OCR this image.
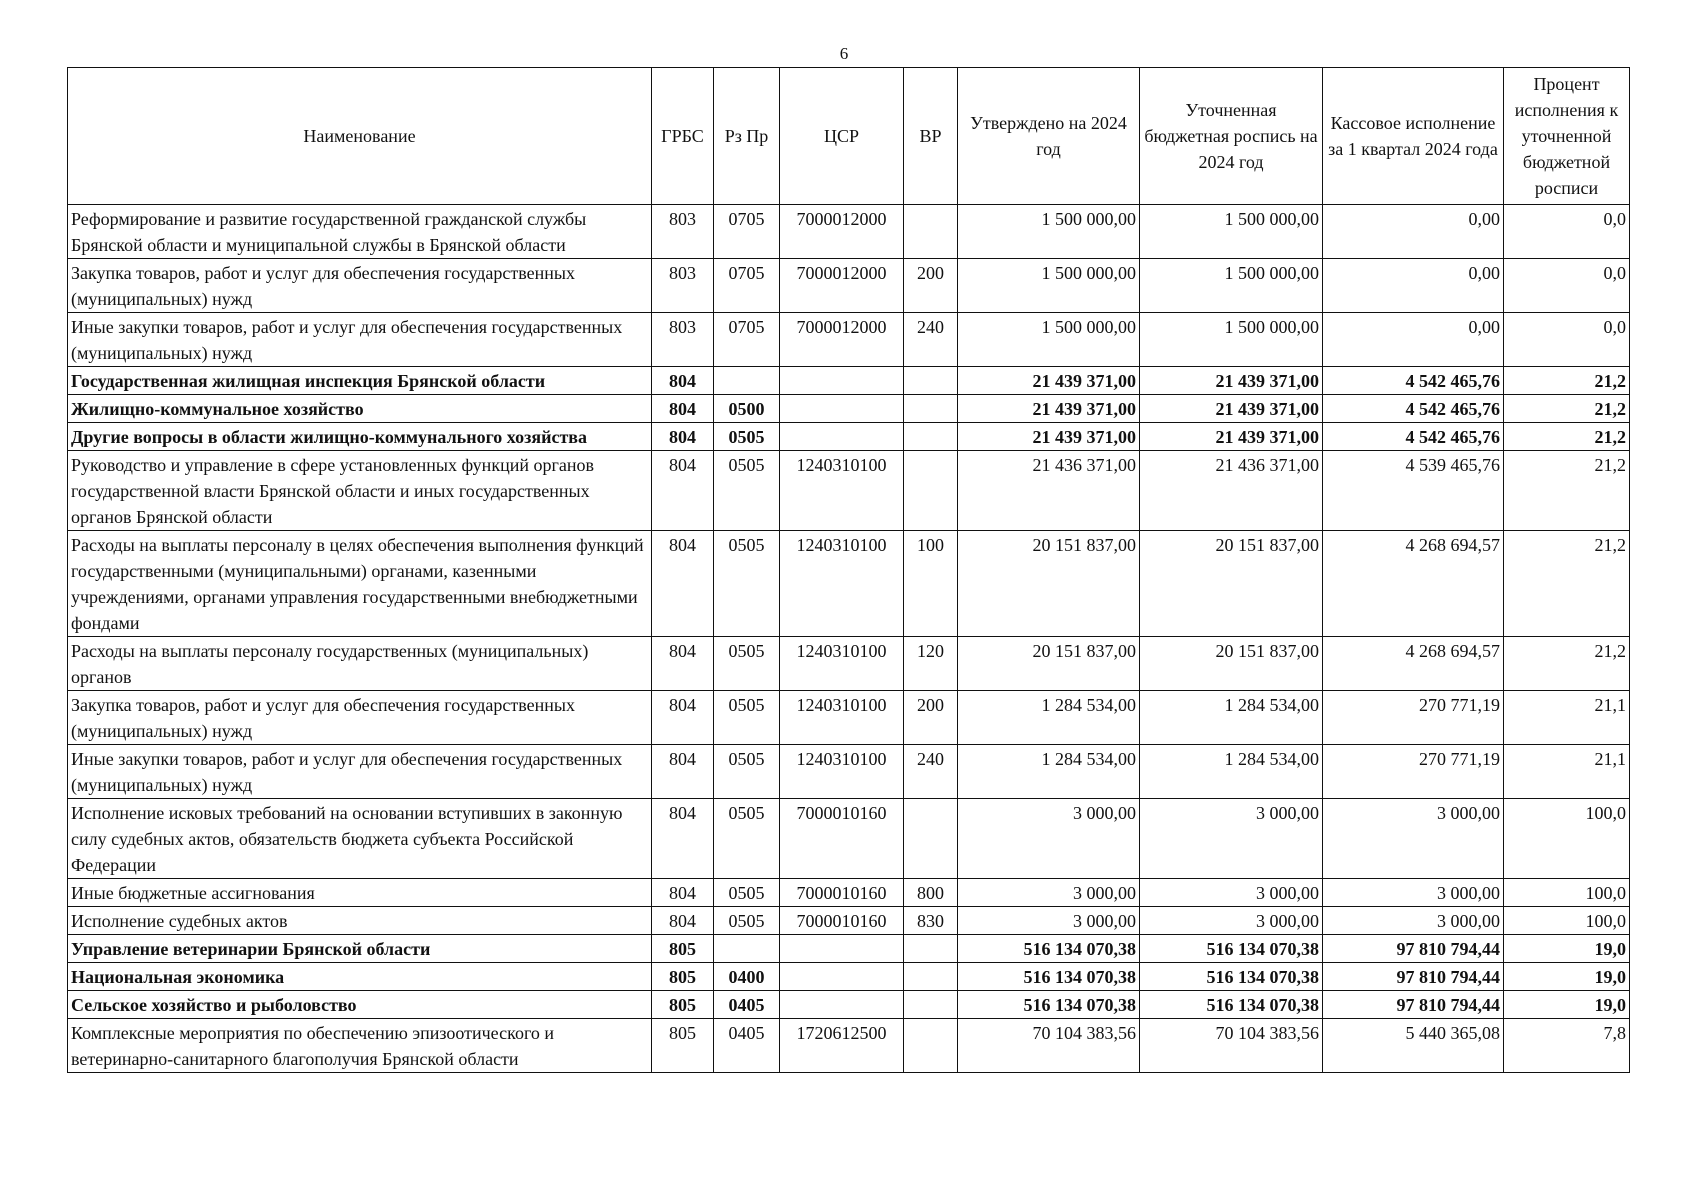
6
Наименование	ГРБС	Рз Пр	ЦСР	ВР	Утверждено на 2024 год	Уточненная бюджетная роспись на 2024 год	Кассовое исполнение за 1 квартал 2024 года	Процент исполнения к уточненной бюджетной росписи
Реформирование и развитие государственной гражданской службы Брянской области и муниципальной службы в Брянской области	803	0705	7000012000		1 500 000,00	1 500 000,00	0,00	0,0
Закупка товаров, работ и услуг для обеспечения государственных (муниципальных) нужд	803	0705	7000012000	200	1 500 000,00	1 500 000,00	0,00	0,0
Иные закупки товаров, работ и услуг для обеспечения государственных (муниципальных) нужд	803	0705	7000012000	240	1 500 000,00	1 500 000,00	0,00	0,0
Государственная жилищная инспекция Брянской области	804				21 439 371,00	21 439 371,00	4 542 465,76	21,2
Жилищно-коммунальное хозяйство	804	0500			21 439 371,00	21 439 371,00	4 542 465,76	21,2
Другие вопросы в области жилищно-коммунального хозяйства	804	0505			21 439 371,00	21 439 371,00	4 542 465,76	21,2
Руководство и управление в сфере установленных функций органов государственной власти Брянской области и иных государственных органов Брянской области	804	0505	1240310100		21 436 371,00	21 436 371,00	4 539 465,76	21,2
Расходы на выплаты персоналу в целях обеспечения выполнения функций государственными (муниципальными) органами, казенными учреждениями, органами управления государственными внебюджетными фондами	804	0505	1240310100	100	20 151 837,00	20 151 837,00	4 268 694,57	21,2
Расходы на выплаты персоналу государственных (муниципальных) органов	804	0505	1240310100	120	20 151 837,00	20 151 837,00	4 268 694,57	21,2
Закупка товаров, работ и услуг для обеспечения государственных (муниципальных) нужд	804	0505	1240310100	200	1 284 534,00	1 284 534,00	270 771,19	21,1
Иные закупки товаров, работ и услуг для обеспечения государственных (муниципальных) нужд	804	0505	1240310100	240	1 284 534,00	1 284 534,00	270 771,19	21,1
Исполнение исковых требований на основании вступивших в законную силу судебных актов, обязательств бюджета субъекта Российской Федерации	804	0505	7000010160		3 000,00	3 000,00	3 000,00	100,0
Иные бюджетные ассигнования	804	0505	7000010160	800	3 000,00	3 000,00	3 000,00	100,0
Исполнение судебных актов	804	0505	7000010160	830	3 000,00	3 000,00	3 000,00	100,0
Управление ветеринарии Брянской области	805				516 134 070,38	516 134 070,38	97 810 794,44	19,0
Национальная экономика	805	0400			516 134 070,38	516 134 070,38	97 810 794,44	19,0
Сельское хозяйство и рыболовство	805	0405			516 134 070,38	516 134 070,38	97 810 794,44	19,0
Комплексные мероприятия по обеспечению эпизоотического и ветеринарно-санитарного благополучия Брянской области	805	0405	1720612500		70 104 383,56	70 104 383,56	5 440 365,08	7,8
